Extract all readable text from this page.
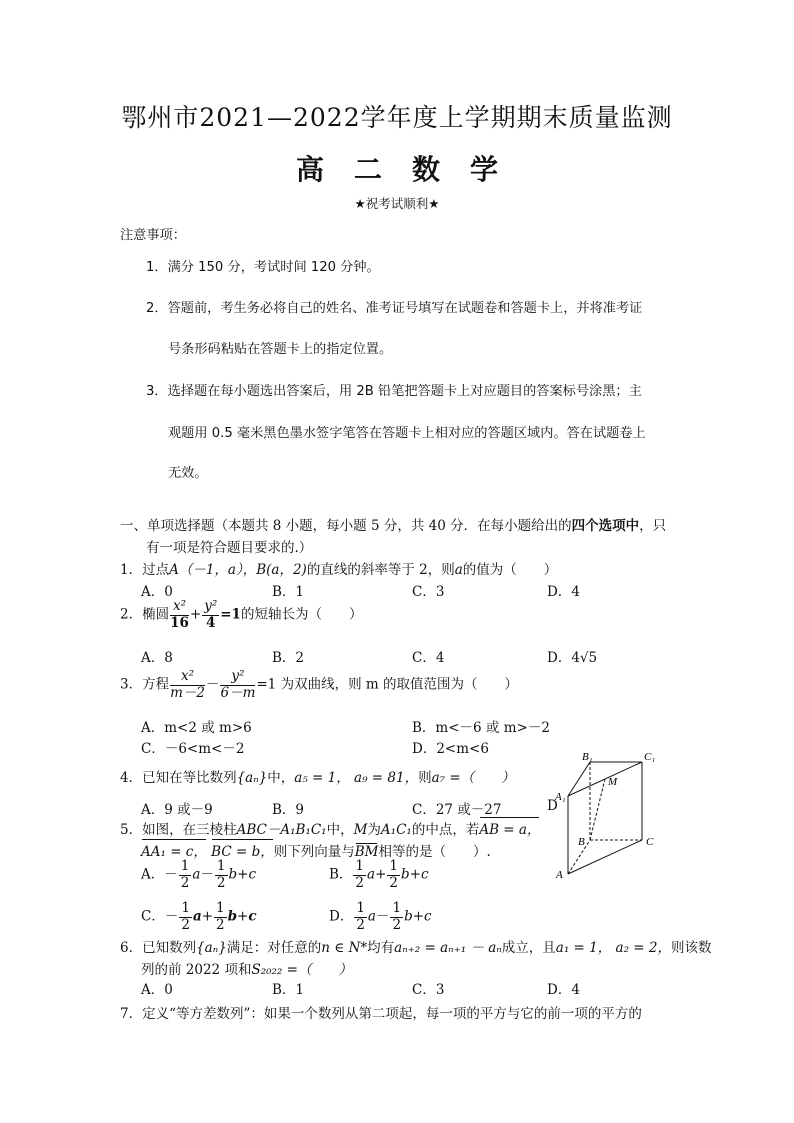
鄂州市2021—2022学年度上学期期末质量监测
高二数学
★祝考试顺利★
注意事项：
1．满分 150 分，考试时间 120 分钟。
2．答题前，考生务必将自己的姓名、准考证号填写在试题卷和答题卡上，并将准考证
号条形码粘贴在答题卡上的指定位置。
3．选择题在每小题选出答案后，用 2B 铅笔把答题卡上对应题目的答案标号涂黑；主
观题用 0.5 毫米黑色墨水签字笔答在答题卡上相对应的答题区域内。答在试题卷上
无效。
一、单项选择题（本题共 8 小题，每小题 5 分，共 40 分．在每小题给出的四个选项中，只
有一项是符合题目要求的.）
1．过点A（－1，a），B(a，2)的直线的斜率等于 2，则a的值为（　　）
A．0	B．1	C．3	D．4
2．椭圆 $\frac{\text{x²}}{16} + \frac{\text{y²}}{4} =1$的短轴长为（　　）
A．8	B．2	C．4	D．4√5
3．方程 $\frac{\text{x²}}{m-2} - \frac{\text{y²}}{6-m} =1$ 为双曲线，则 m 的取值范围为（　　）
A．m<2 或 m>6	B．m<－6 或 m>－2
C．－6<m<－2	D．2<m<6
4．已知在等比数列{aₙ}中，a₅ = 1， a₉ = 81，则a₇ =（　　）
A．9 或－9	B．9	C．27 或－27	D
5．如图，在三棱柱ABC－A₁B₁C₁中，M为A₁C₁的中点，若AB = a，
AA₁ = c， BC = b，则下列向量与BM相等的是（　　）.
A．－ $\frac{1}{2} a- \frac{1}{2} b+c$	B． $\frac{1}{2} a+ \frac{1}{2} b+c$
C．－ $\frac{1}{2} a+ \frac{1}{2} b+c$	D． $\frac{1}{2} a- \frac{1}{2} b+c$
6．已知数列{aₙ}满足：对任意的n ∈ N*均有aₙ₊₂ = aₙ₊₁ － aₙ成立，且a₁ = 1， a₂ = 2，则该数
列的前 2022 项和S₂₀₂₂ =（　　）
A．0	B．1	C．3	D．4
7．定义“等方差数列”：如果一个数列从第二项起，每一项的平方与它的前一项的平方的
B₁	C₁
A₁
M
B	C
A
